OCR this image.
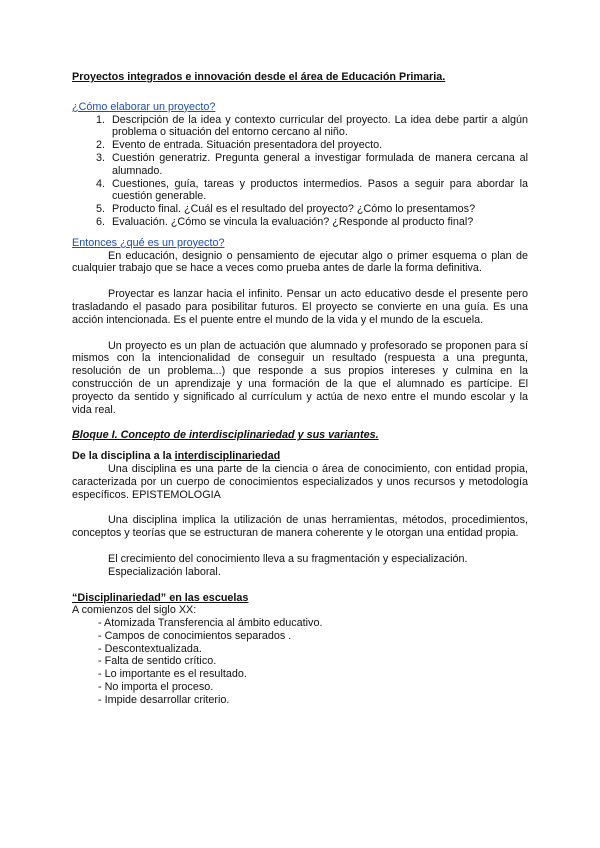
Proyectos integrados e innovación desde el área de Educación Primaria.
¿Cómo elaborar un proyecto?
1. Descripción de la idea y contexto curricular del proyecto. La idea debe partir a algún problema o situación del entorno cercano al niño.
2. Evento de entrada. Situación presentadora del proyecto.
3. Cuestión generatriz. Pregunta general a investigar formulada de manera cercana al alumnado.
4. Cuestiones, guía, tareas y productos intermedios. Pasos a seguir para abordar la cuestión generable.
5. Producto final. ¿Cuál es el resultado del proyecto? ¿Cómo lo presentamos?
6. Evaluación. ¿Cómo se vincula la evaluación? ¿Responde al producto final?
Entonces ¿qué es un proyecto?
En educación, designio o pensamiento de ejecutar algo o primer esquema o plan de cualquier trabajo que se hace a veces como prueba antes de darle la forma definitiva.
Proyectar es lanzar hacia el infinito. Pensar un acto educativo desde el presente pero trasladando el pasado para posibilitar futuros. El proyecto se convierte en una guía. Es una acción intencionada. Es el puente entre el mundo de la vida y el mundo de la escuela.
Un proyecto es un plan de actuación que alumnado y profesorado se proponen para sí mismos con la intencionalidad de conseguir un resultado (respuesta a una pregunta, resolución de un problema...) que responde a sus propios intereses y culmina en la construcción de un aprendizaje y una formación de la que el alumnado es partícipe. El proyecto da sentido y significado al currículum y actúa de nexo entre el mundo escolar y la vida real.
Bloque I. Concepto de interdisciplinariedad y sus variantes.
De la disciplina a la interdisciplinariedad
Una disciplina es una parte de la ciencia o área de conocimiento, con entidad propia, caracterizada por un cuerpo de conocimientos especializados y unos recursos y metodología específicos. EPISTEMOLOGIA
Una disciplina implica la utilización de unas herramientas, métodos, procedimientos, conceptos y teorías que se estructuran de manera coherente y le otorgan una entidad propia.
El crecimiento del conocimiento lleva a su fragmentación y especialización.
Especialización laboral.
“Disciplinariedad” en las escuelas
A comienzos del siglo XX:
- Atomizada Transferencia al ámbito educativo.
- Campos de conocimientos separados .
- Descontextualizada.
- Falta de sentido crítico.
- Lo importante es el resultado.
- No importa el proceso.
- Impide desarrollar criterio.
